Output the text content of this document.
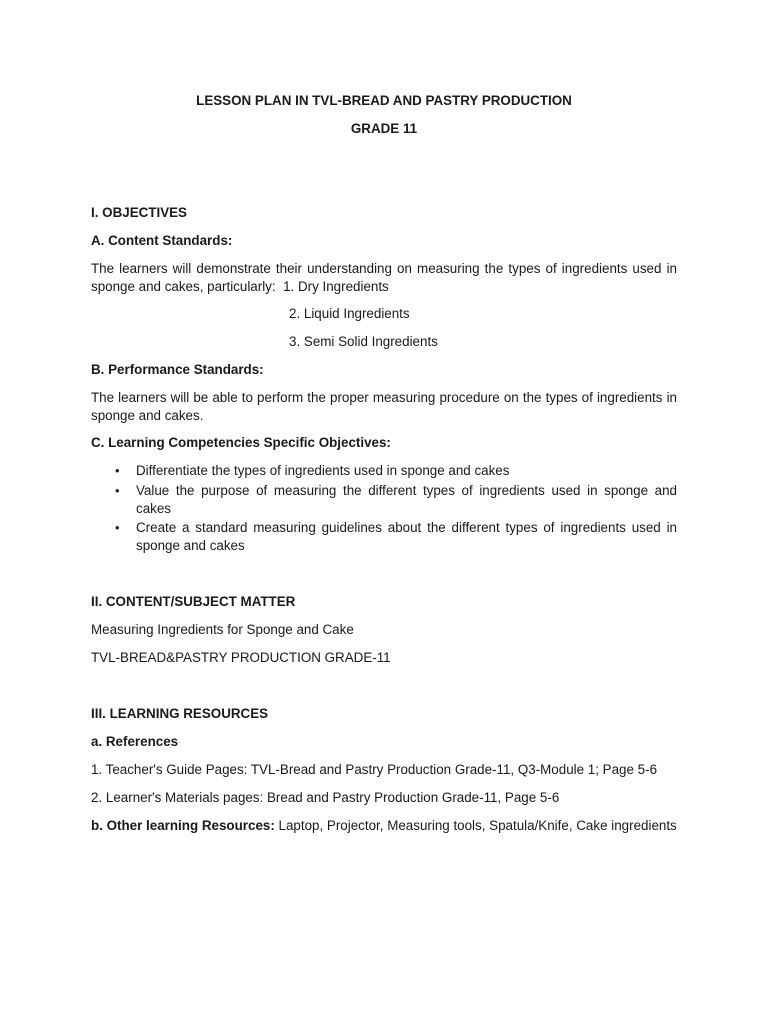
LESSON PLAN IN TVL-BREAD AND PASTRY PRODUCTION

GRADE 11

I. OBJECTIVES

A. Content Standards:

The learners will demonstrate their understanding on measuring the types of ingredients used in sponge and cakes, particularly: 1. Dry Ingredients

2. Liquid Ingredients

3. Semi Solid Ingredients

B. Performance Standards:

The learners will be able to perform the proper measuring procedure on the types of ingredients in sponge and cakes.

C. Learning Competencies Specific Objectives:

• Differentiate the types of ingredients used in sponge and cakes

• Value the purpose of measuring the different types of ingredients used in sponge and cakes

• Create a standard measuring guidelines about the different types of ingredients used in sponge and cakes

II. CONTENT/SUBJECT MATTER

Measuring Ingredients for Sponge and Cake

TVL-BREAD&PASTRY PRODUCTION GRADE-11

III. LEARNING RESOURCES

a. References

1. Teacher's Guide Pages: TVL-Bread and Pastry Production Grade-11, Q3-Module 1; Page 5-6

2. Learner's Materials pages: Bread and Pastry Production Grade-11, Page 5-6

b. Other learning Resources: Laptop, Projector, Measuring tools, Spatula/Knife, Cake ingredients
